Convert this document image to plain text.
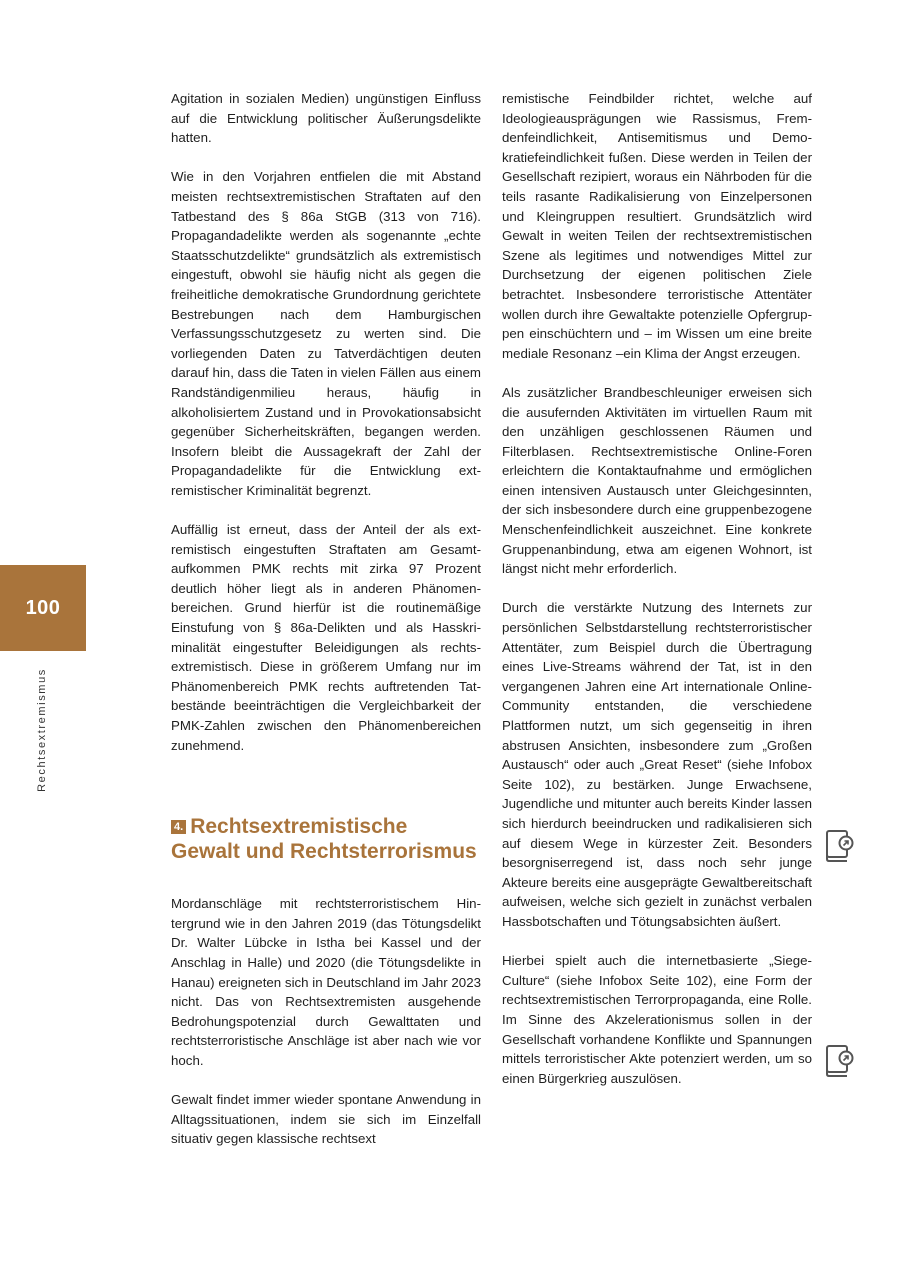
100
Rechtsextremismus

Agitation in sozialen Medien) ungünstigen Einfluss auf die Entwicklung politischer Äußerungsdelikte hatten.

Wie in den Vorjahren entfielen die mit Abstand meisten rechtsextremistischen Straftaten auf den Tatbestand des § 86a StGB (313 von 716). Propagandadelikte werden als sogenannte „echte Staatsschutzdelikte“ grundsätzlich als extremistisch eingestuft, obwohl sie häufig nicht als gegen die freiheitliche demokratische Grundordnung gerichtete Bestrebungen nach dem Hamburgischen Verfassungsschutzgesetz zu werten sind. Die vorliegenden Daten zu Tatverdächtigen deuten darauf hin, dass die Taten in vielen Fällen aus einem Randständigenmilieu heraus, häufig in alkoholisiertem Zustand und in Provokationsabsicht gegenüber Sicherheitskräften, begangen werden. Insofern bleibt die Aussagekraft der Zahl der Propagandadelikte für die Entwicklung extremistischer Kriminalität begrenzt.

Auffällig ist erneut, dass der Anteil der als extremistisch eingestuften Straftaten am Gesamtaufkommen PMK rechts mit zirka 97 Prozent deutlich höher liegt als in anderen Phänomenbereichen. Grund hierfür ist die routinemäßige Einstufung von § 86a-Delikten und als Hasskriminalität eingestufter Beleidigungen als rechtsextremistisch. Diese in größerem Umfang nur im Phänomenbereich PMK rechts auftretenden Tatbestände beeinträchtigen die Vergleichbarkeit der PMK-Zahlen zwischen den Phänomenbereichen zunehmend.

4. Rechtsextremistische Gewalt und Rechtsterrorismus

Mordanschläge mit rechtsterroristischem Hintergrund wie in den Jahren 2019 (das Tötungsdelikt Dr. Walter Lübcke in Istha bei Kassel und der Anschlag in Halle) und 2020 (die Tötungsdelikte in Hanau) ereigneten sich in Deutschland im Jahr 2023 nicht. Das von Rechtsextremisten ausgehende Bedrohungspotenzial durch Gewalttaten und rechtsterroristische Anschläge ist aber nach wie vor hoch.

Gewalt findet immer wieder spontane Anwendung in Alltagssituationen, indem sie sich im Einzelfall situativ gegen klassische rechtsext

remistische Feindbilder richtet, welche auf Ideologieausprägungen wie Rassismus, Fremdenfeindlichkeit, Antisemitismus und Demokratiefeindlichkeit fußen. Diese werden in Teilen der Gesellschaft rezipiert, woraus ein Nährboden für die teils rasante Radikalisierung von Einzelpersonen und Kleingruppen resultiert. Grundsätzlich wird Gewalt in weiten Teilen der rechtsextremistischen Szene als legitimes und notwendiges Mittel zur Durchsetzung der eigenen politischen Ziele betrachtet. Insbesondere terroristische Attentäter wollen durch ihre Gewaltakte potenzielle Opfergruppen einschüchtern und – im Wissen um eine breite mediale Resonanz –ein Klima der Angst erzeugen.

Als zusätzlicher Brandbeschleuniger erweisen sich die ausufernden Aktivitäten im virtuellen Raum mit den unzähligen geschlossenen Räumen und Filterblasen. Rechtsextremistische Online-Foren erleichtern die Kontaktaufnahme und ermöglichen einen intensiven Austausch unter Gleichgesinnten, der sich insbesondere durch eine gruppenbezogene Menschenfeindlichkeit auszeichnet. Eine konkrete Gruppenanbindung, etwa am eigenen Wohnort, ist längst nicht mehr erforderlich.

Durch die verstärkte Nutzung des Internets zur persönlichen Selbstdarstellung rechtsterroristischer Attentäter, zum Beispiel durch die Übertragung eines Live-Streams während der Tat, ist in den vergangenen Jahren eine Art internationale Online-Community entstanden, die verschiedene Plattformen nutzt, um sich gegenseitig in ihren abstrusen Ansichten, insbesondere zum „Großen Austausch“ oder auch „Great Reset“ (siehe Infobox Seite 102), zu bestärken. Junge Erwachsene, Jugendliche und mitunter auch bereits Kinder lassen sich hierdurch beeindrucken und radikalisieren sich auf diesem Wege in kürzester Zeit. Besonders besorgniserregend ist, dass noch sehr junge Akteure bereits eine ausgeprägte Gewaltbereitschaft aufweisen, welche sich gezielt in zunächst verbalen Hassbotschaften und Tötungsabsichten äußert.

Hierbei spielt auch die internetbasierte „Siege-Culture“ (siehe Infobox Seite 102), eine Form der rechtsextremistischen Terrorpropaganda, eine Rolle. Im Sinne des Akzelerationismus sollen in der Gesellschaft vorhandene Konflikte und Spannungen mittels terroristischer Akte potenziert werden, um so einen Bürgerkrieg auszulösen.
